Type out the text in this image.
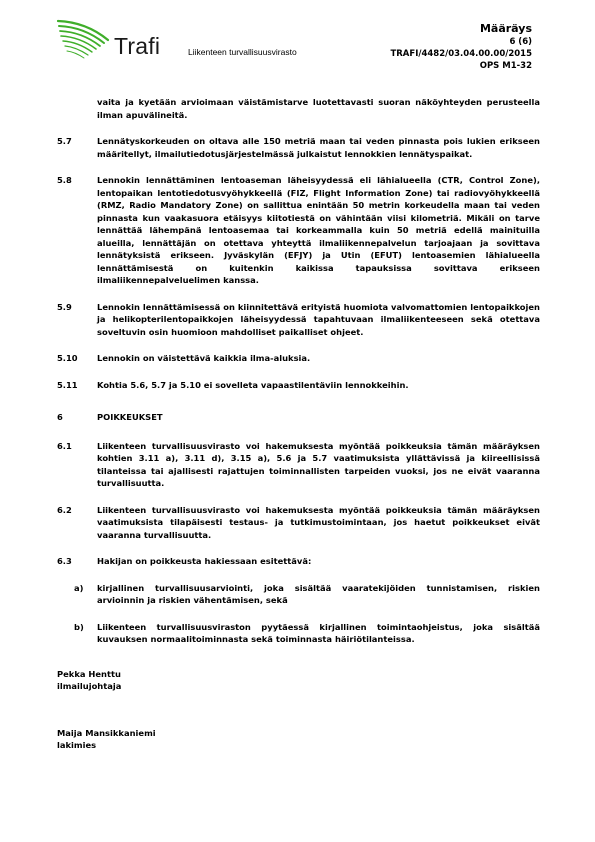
Trafi	Liikenteen turvallisuusvirasto
Määräys
6 (6)
TRAFI/4482/03.04.00.00/2015
OPS M1-32
vaita ja kyetään arvioimaan väistämistarve luotettavasti suoran näköyhteyden perusteella ilman apuvälineitä.
5.7	Lennätyskorkeuden on oltava alle 150 metriä maan tai veden pinnasta pois lukien erikseen määritellyt, ilmailutiedotusjärjestelmässä julkaistut lennokkien lennätyspaikat.
5.8	Lennokin lennättäminen lentoaseman läheisyydessä eli lähialueella (CTR, Control Zone), lentopaikan lentotiedotusvyöhykkeellä (FIZ, Flight Information Zone) tai radiovyöhykkeellä (RMZ, Radio Mandatory Zone) on sallittua enintään 50 metrin korkeudella maan tai veden pinnasta kun vaakasuora etäisyys kiitotiestä on vähintään viisi kilometriä. Mikäli on tarve lennättää lähempänä lentoasemaa tai korkeammalla kuin 50 metriä edellä mainituilla alueilla, lennättäjän on otettava yhteyttä ilmaliikennepalvelun tarjoajaan ja sovittava lennätyksistä erikseen. Jyväskylän (EFJY) ja Utin (EFUT) lentoasemien lähialueella lennättämisestä on kuitenkin kaikissa tapauksissa sovittava erikseen ilmaliikennepalveluelimen kanssa.
5.9	Lennokin lennättämisessä on kiinnitettävä erityistä huomiota valvomattomien lentopaikkojen ja helikopterilentopaikkojen läheisyydessä tapahtuvaan ilmaliikenteeseen sekä otettava soveltuvin osin huomioon mahdolliset paikalliset ohjeet.
5.10 Lennokin on väistettävä kaikkia ilma-aluksia.
5.11 Kohtia 5.6, 5.7 ja 5.10 ei sovelleta vapaastilentäviin lennokkeihin.
6	POIKKEUKSET
6.1	Liikenteen turvallisuusvirasto voi hakemuksesta myöntää poikkeuksia tämän määräyksen kohtien 3.11 a), 3.11 d), 3.15 a), 5.6 ja 5.7 vaatimuksista yllättävissä ja kiireellisissä tilanteissa tai ajallisesti rajattujen toiminnallisten tarpeiden vuoksi, jos ne eivät vaaranna turvallisuutta.
6.2	Liikenteen turvallisuusvirasto voi hakemuksesta myöntää poikkeuksia tämän määräyksen vaatimuksista tilapäisesti testaus- ja tutkimustoimintaan, jos haetut poikkeukset eivät vaaranna turvallisuutta.
6.3	Hakijan on poikkeusta hakiessaan esitettävä:
a) kirjallinen turvallisuusarviointi, joka sisältää vaaratekijöiden tunnistamisen, riskien arvioinnin ja riskien vähentämisen, sekä
b) Liikenteen turvallisuusviraston pyytäessä kirjallinen toimintaohjeistus, joka sisältää kuvauksen normaalitoiminnasta sekä toiminnasta häiriötilanteissa.
Pekka Henttu
ilmailujohtaja
Maija Mansikkaniemi
lakimies
